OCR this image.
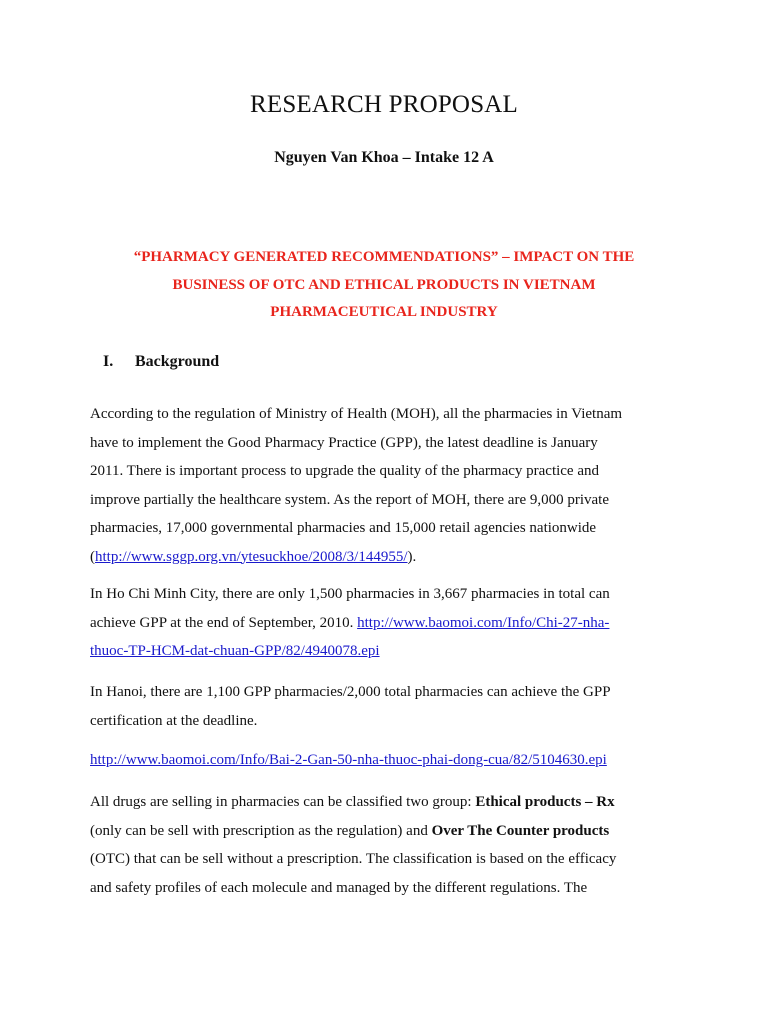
RESEARCH PROPOSAL
Nguyen Van Khoa – Intake 12 A
“PHARMACY GENERATED RECOMMENDATIONS” – IMPACT ON THE
BUSINESS OF OTC AND ETHICAL PRODUCTS IN VIETNAM
PHARMACEUTICAL INDUSTRY
I. Background
According to the regulation of Ministry of Health (MOH), all the pharmacies in Vietnam
have to implement the Good Pharmacy Practice (GPP), the latest deadline is January
2011. There is important process to upgrade the quality of the pharmacy practice and
improve partially the healthcare system. As the report of MOH, there are 9,000 private
pharmacies, 17,000 governmental pharmacies and 15,000 retail agencies nationwide
(http://www.sggp.org.vn/ytesuckhoe/2008/3/144955/).
In Ho Chi Minh City, there are only 1,500 pharmacies in 3,667 pharmacies in total can
achieve GPP at the end of September, 2010. http://www.baomoi.com/Info/Chi-27-nha-
thuoc-TP-HCM-dat-chuan-GPP/82/4940078.epi
In Hanoi, there are 1,100 GPP pharmacies/2,000 total pharmacies can achieve the GPP
certification at the deadline.
http://www.baomoi.com/Info/Bai-2-Gan-50-nha-thuoc-phai-dong-cua/82/5104630.epi
All drugs are selling in pharmacies can be classified two group: Ethical products – Rx
(only can be sell with prescription as the regulation) and Over The Counter products
(OTC) that can be sell without a prescription. The classification is based on the efficacy
and safety profiles of each molecule and managed by the different regulations. The
